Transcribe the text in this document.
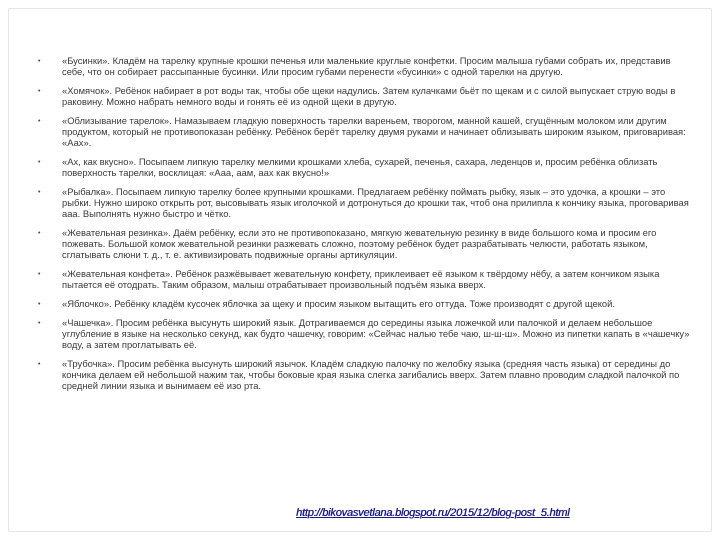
• «Бусинки». Кладём на тарелку крупные крошки печенья или маленькие круглые конфетки. Просим малыша губами собрать их, представив себе, что он собирает рассыпанные бусинки. Или просим губами перенести «бусинки» с одной тарелки на другую.
• «Хомячок». Ребёнок набирает в рот воды так, чтобы обе щеки надулись. Затем кулачками бьёт по щекам и с силой выпускает струю воды в раковину. Можно набрать немного воды и гонять её из одной щеки в другую.
• «Облизывание тарелок». Намазываем гладкую поверхность тарелки вареньем, творогом, манной кашей, сгущённым молоком или другим продуктом, который не противопоказан ребёнку. Ребёнок берёт тарелку двумя руками и начинает облизывать широким языком, приговаривая: «Аах».
• «Ах, как вкусно». Посыпаем липкую тарелку мелкими крошками хлеба, сухарей, печенья, сахара, леденцов и, просим ребёнка облизать поверхность тарелки, восклицая: «Ааа, аам, аах как вкусно!»
• «Рыбалка». Посыпаем липкую тарелку более крупными крошками. Предлагаем ребёнку поймать рыбку, язык – это удочка, а крошки – это рыбки. Нужно широко открыть рот, высовывать язык иголочкой и дотронуться до крошки так, чтоб она прилипла к кончику языка, проговаривая ааа. Выполнять нужно быстро и чётко.
• «Жевательная резинка». Даём ребёнку, если это не противопоказано, мягкую жевательную резинку в виде большого кома и просим его пожевать. Большой комок жевательной резинки разжевать сложно, поэтому ребёнок будет разрабатывать челюсти, работать языком, сглатывать слюни т. д., т. е. активизировать подвижные органы артикуляции.
• «Жевательная конфета». Ребёнок разжёвывает жевательную конфету, приклеивает её языком к твёрдому нёбу, а затем кончиком языка пытается её отодрать. Таким образом, малыш отрабатывает произвольный подъём языка вверх.
• «Яблочко». Ребёнку кладём кусочек яблочка за щеку и просим языком вытащить его оттуда. Тоже производят с другой щекой.
• «Чашечка». Просим ребёнка высунуть широкий язык. Дотрагиваемся до середины языка ложечкой или палочкой и делаем небольшое углубление в языке на несколько секунд, как будто чашечку, говорим: «Сейчас налью тебе чаю, ш-ш-ш». Можно из пипетки капать в «чашечку» воду, а затем проглатывать её.
• «Трубочка». Просим ребёнка высунуть широкий язычок. Кладём сладкую палочку по желобку языка (средняя часть языка) от середины до кончика делаем ей небольшой нажим так, чтобы боковые края языка слегка загибались вверх. Затем плавно проводим сладкой палочкой по средней линии языка и вынимаем её изо рта.
http://bikovasvetlana.blogspot.ru/2015/12/blog-post_5.html
